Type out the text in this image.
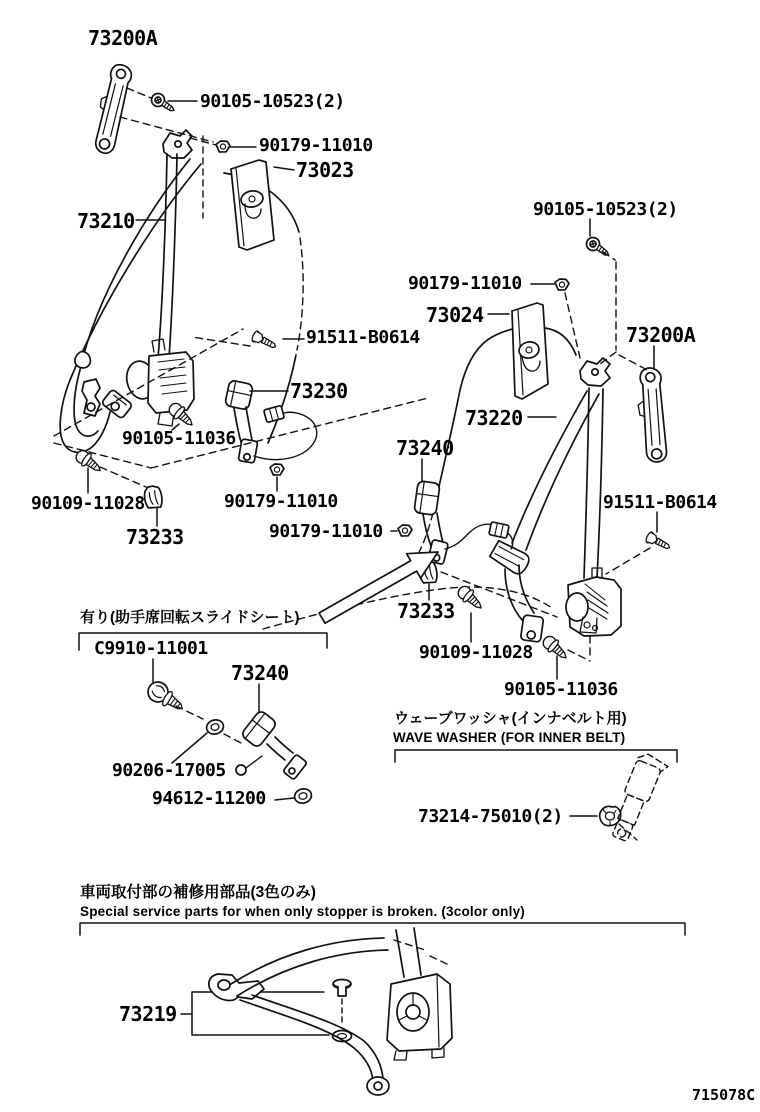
73200A
90105-10523(2)
90179-11010
73023
73210	90105-10523(2)
90179-11010
73024
73200A
91511-B0614
73230
73220
73240
90105-11036
90109-11028	90179-11010
73233	90179-11010
91511-B0614
73233
90109-11028
90105-11036
C9910-11001
73240
90206-17005
94612-11200
73214-75010(2)
73219
有り(助手席回転スライドシート)
ウェーブワッシャ(インナベルト用)
WAVE WASHER (FOR INNER BELT)
車両取付部の補修用部品(3色のみ)
Special service parts for when only stopper is broken. (3color only)
715078C
